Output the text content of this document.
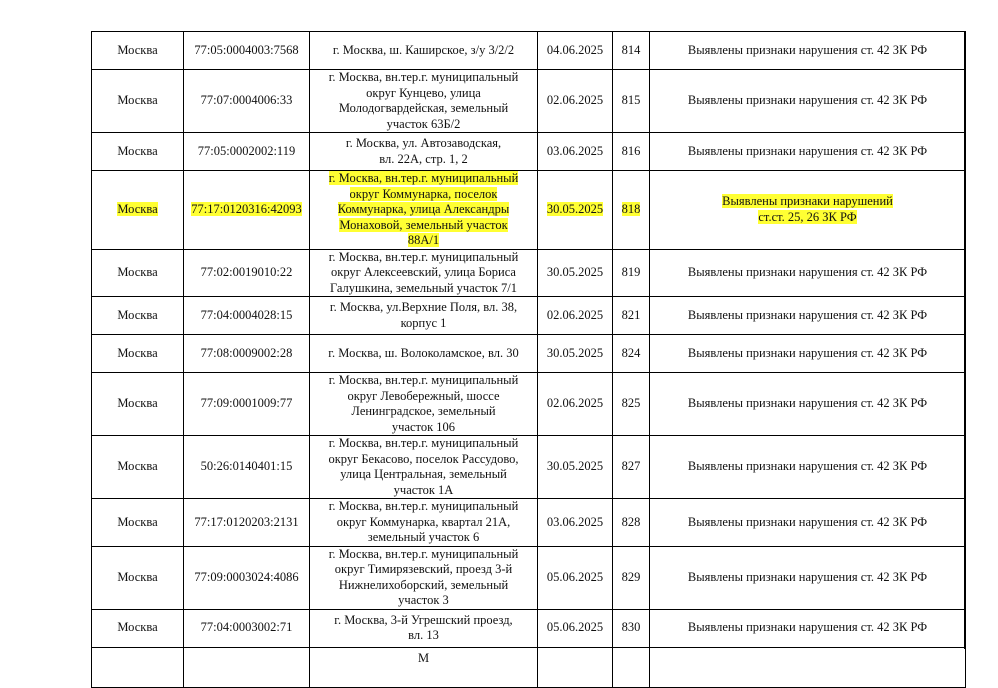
Москва	77:05:0004003:7568	г. Москва, ш. Каширское, з/у 3/2/2	04.06.2025	814	Выявлены признаки нарушения ст. 42 ЗК РФ
Москва	77:07:0004006:33	г. Москва, вн.тер.г. муниципальный
округ Кунцево, улица
Молодогвардейская, земельный
участок 63Б/2	02.06.2025	815	Выявлены признаки нарушения ст. 42 ЗК РФ
Москва	77:05:0002002:119	г. Москва, ул. Автозаводская,
вл. 22А, стр. 1, 2	03.06.2025	816	Выявлены признаки нарушения ст. 42 ЗК РФ
Москва	77:17:0120316:42093	г. Москва, вн.тер.г. муниципальный
округ Коммунарка, поселок
Коммунарка, улица Александры
Монаховой, земельный участок
88А/1	30.05.2025	818	Выявлены признаки нарушений
ст.ст. 25, 26 ЗК РФ
Москва	77:02:0019010:22	г. Москва, вн.тер.г. муниципальный
округ Алексеевский, улица Бориса
Галушкина, земельный участок 7/1	30.05.2025	819	Выявлены признаки нарушения ст. 42 ЗК РФ
Москва	77:04:0004028:15	г. Москва, ул.Верхние Поля, вл. 38,
корпус 1	02.06.2025	821	Выявлены признаки нарушения ст. 42 ЗК РФ
Москва	77:08:0009002:28	г. Москва, ш. Волоколамское, вл. 30	30.05.2025	824	Выявлены признаки нарушения ст. 42 ЗК РФ
Москва	77:09:0001009:77	г. Москва, вн.тер.г. муниципальный
округ Левобережный, шоссе
Ленинградское, земельный
участок 106	02.06.2025	825	Выявлены признаки нарушения ст. 42 ЗК РФ
Москва	50:26:0140401:15	г. Москва, вн.тер.г. муниципальный
округ Бекасово, поселок Рассудово,
улица Центральная, земельный
участок 1А	30.05.2025	827	Выявлены признаки нарушения ст. 42 ЗК РФ
Москва	77:17:0120203:2131	г. Москва, вн.тер.г. муниципальный
округ Коммунарка, квартал 21А,
земельный участок 6	03.06.2025	828	Выявлены признаки нарушения ст. 42 ЗК РФ
Москва	77:09:0003024:4086	г. Москва, вн.тер.г. муниципальный
округ Тимирязевский, проезд 3-й
Нижнелихоборский, земельный
участок 3	05.06.2025	829	Выявлены признаки нарушения ст. 42 ЗК РФ
Москва	77:04:0003002:71	г. Москва, 3-й Угрешский проезд,
вл. 13	05.06.2025	830	Выявлены признаки нарушения ст. 42 ЗК РФ
		М			
